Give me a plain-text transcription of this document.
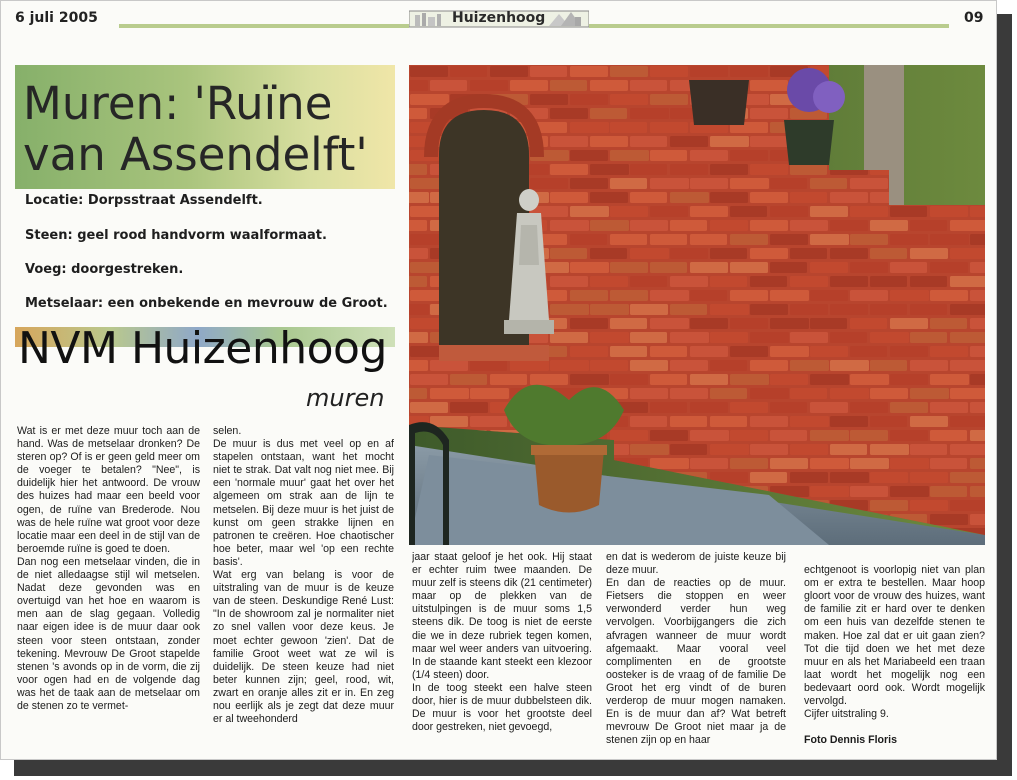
6 juli 2005	Huizenhoog	09
Muren: 'Ruïne
van Assendelft'
Locatie: Dorpsstraat Assendelft.
Steen: geel rood handvorm waalformaat.
Voeg: doorgestreken.
Metselaar: een onbekende en mevrouw de Groot.
NVM Huizenhoog
muren
Wat is er met deze muur toch aan de hand. Was de metselaar dronken? De steren op? Of is er geen geld meer om de voeger te betalen? "Nee", is duidelijk hier het antwoord. De vrouw des huizes had maar een beeld voor ogen, de ruïne van Brederode. Nou was de hele ruïne wat groot voor deze locatie maar een deel in de stijl van de beroemde ruïne is goed te doen.
Dan nog een metselaar vinden, die in de niet alledaagse stijl wil metselen. Nadat deze gevonden was en overtuigd van het hoe en waarom is men aan de slag gegaan. Volledig naar eigen idee is de muur daar ook steen voor steen ontstaan, zonder tekening. Mevrouw De Groot stapelde stenen 's avonds op in de vorm, die zij voor ogen had en de volgende dag was het de taak aan de metselaar om de stenen zo te vermet-
selen.
De muur is dus met veel op en af stapelen ontstaan, want het mocht niet te strak. Dat valt nog niet mee. Bij een 'normale muur' gaat het over het algemeen om strak aan de lijn te metselen. Bij deze muur is het juist de kunst om geen strakke lijnen en patronen te creëren. Hoe chaotischer hoe beter, maar wel 'op een rechte basis'.
Wat erg van belang is voor de uitstraling van de muur is de keuze van de steen. Deskundige René Lust: "In de showroom zal je normaliter niet zo snel vallen voor deze keus. Je moet echter gewoon 'zien'. Dat de familie Groot weet wat ze wil is duidelijk. De steen keuze had niet beter kunnen zijn; geel, rood, wit, zwart en oranje alles zit er in. En zeg nou eerlijk als je zegt dat deze muur er al tweehonderd
jaar staat geloof je het ook. Hij staat er echter ruim twee maanden. De muur zelf is steens dik (21 centimeter) maar op de plekken van de uitstulpingen is de muur soms 1,5 steens dik. De toog is niet de eerste die we in deze rubriek tegen komen, maar wel weer anders van uitvoering. In de staande kant steekt een klezoor (1/4 steen) door.
In de toog steekt een halve steen door, hier is de muur dubbelsteen dik. De muur is voor het grootste deel door gestreken, niet gevoegd,
en dat is wederom de juiste keuze bij deze muur.
En dan de reacties op de muur. Fietsers die stoppen en weer verwonderd verder hun weg vervolgen. Voorbijgangers die zich afvragen wanneer de muur wordt afgemaakt. Maar vooral veel complimenten en de grootste oosteker is de vraag of de familie De Groot het erg vindt of de buren verderop de muur mogen namaken. En is de muur dan af? Wat betreft mevrouw De Groot niet maar ja de stenen zijn op en haar

echtgenoot is voorlopig niet van plan om er extra te bestellen. Maar hoop gloort voor de vrouw des huizes, want de familie zit er hard over te denken om een huis van dezelfde stenen te maken. Hoe zal dat er uit gaan zien? Tot die tijd doen we het met deze muur en als het Mariabeeld een traan laat wordt het mogelijk nog een bedevaart oord ook. Wordt mogelijk vervolgd.
Cijfer uitstraling 9.

Foto Dennis Floris
